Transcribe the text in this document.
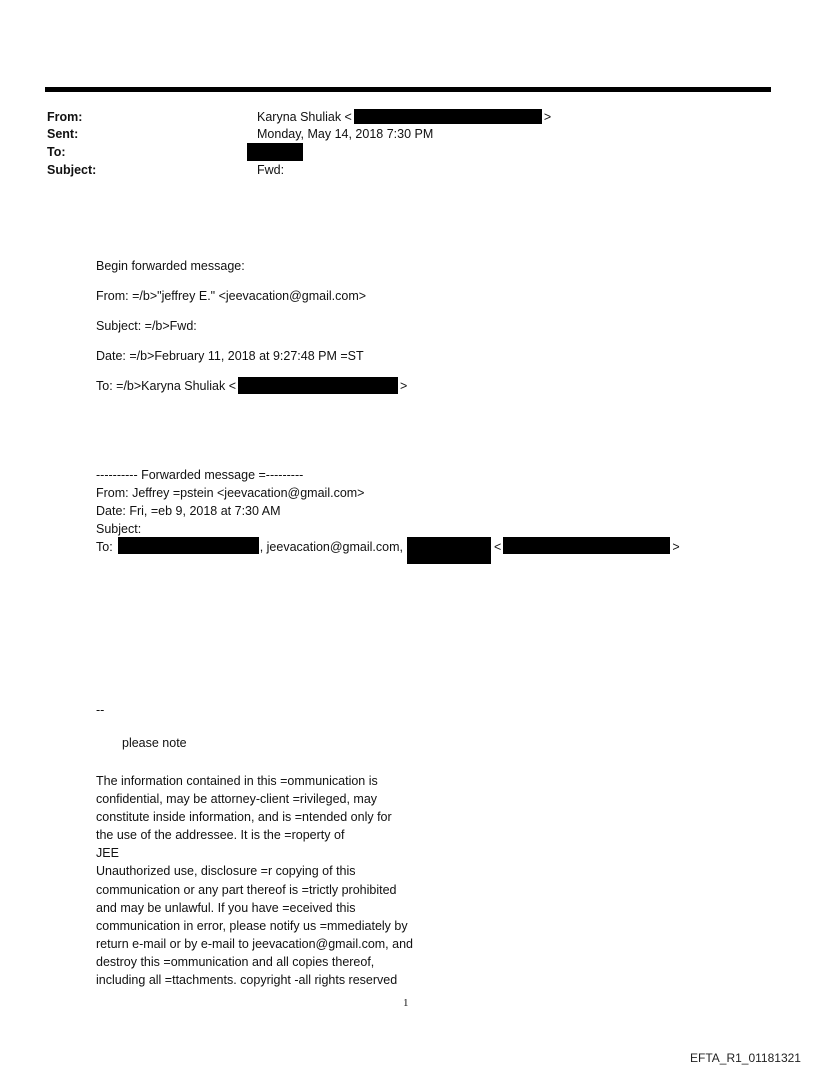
From:	Karyna Shuliak <	>
Sent:	Monday, May 14, 2018 7:30 PM
To:
Subject:	Fwd:
Begin forwarded message:
From: =/b>"jeffrey E." <jeevacation@gmail.com>
Subject: =/b>Fwd:
Date: =/b>February 11, 2018 at 9:27:48 PM =ST
To: =/b>Karyna Shuliak <	>
---------- Forwarded message =---------
From: Jeffrey =pstein <jeevacation@gmail.com>
Date: Fri, =eb 9, 2018 at 7:30 AM
Subject:
To:	, jeevacation@gmail.com,	<	>
--
please note
The information contained in this =ommunication is
confidential, may be attorney-client =rivileged, may
constitute inside information, and is =ntended only for
the use of the addressee. It is the =roperty of
JEE
Unauthorized use, disclosure =r copying of this
communication or any part thereof is =trictly prohibited
and may be unlawful. If you have =eceived this
communication in error, please notify us =mmediately by
return e-mail or by e-mail to jeevacation@gmail.com, and
destroy this =ommunication and all copies thereof,
including all =ttachments. copyright -all rights reserved
1
EFTA_R1_01181321
